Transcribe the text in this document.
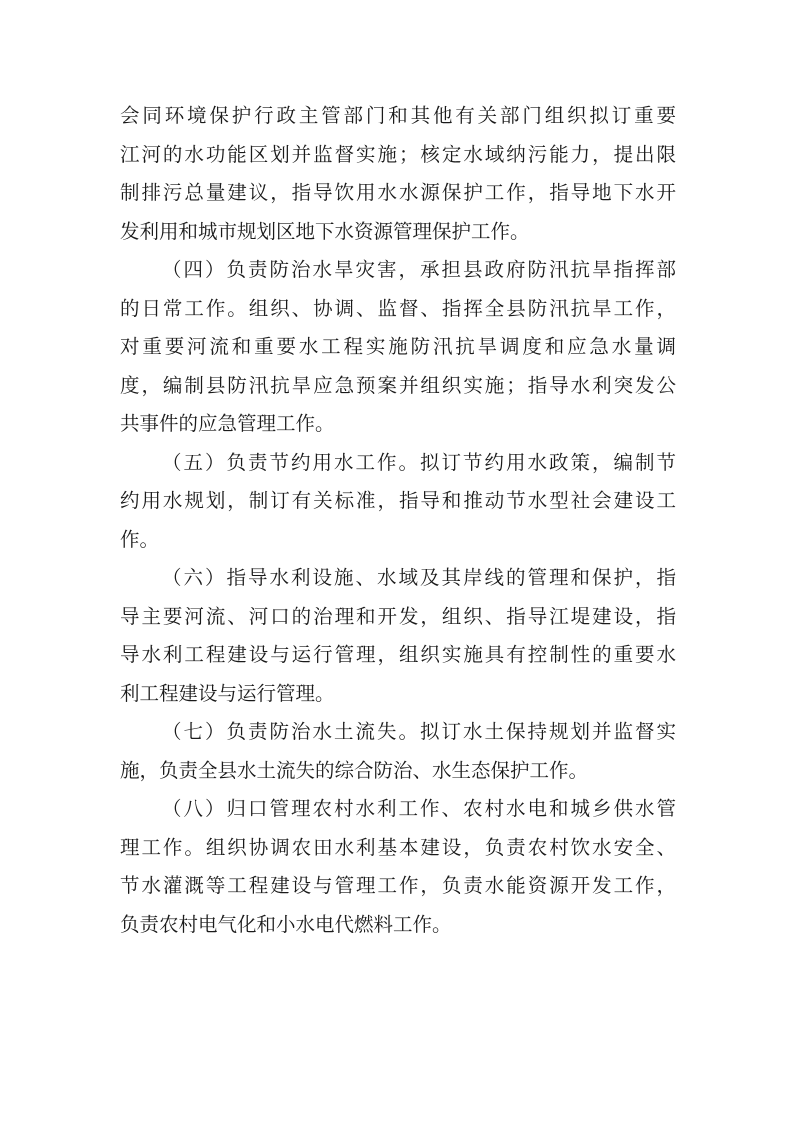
会同环境保护行政主管部门和其他有关部门组织拟订重要
江河的水功能区划并监督实施；核定水域纳污能力，提出限
制排污总量建议，指导饮用水水源保护工作，指导地下水开
发利用和城市规划区地下水资源管理保护工作。
（四）负责防治水旱灾害，承担县政府防汛抗旱指挥部
的日常工作。组织、协调、监督、指挥全县防汛抗旱工作，
对重要河流和重要水工程实施防汛抗旱调度和应急水量调
度，编制县防汛抗旱应急预案并组织实施；指导水利突发公
共事件的应急管理工作。
（五）负责节约用水工作。拟订节约用水政策，编制节
约用水规划，制订有关标准，指导和推动节水型社会建设工
作。
（六）指导水利设施、水域及其岸线的管理和保护，指
导主要河流、河口的治理和开发，组织、指导江堤建设，指
导水利工程建设与运行管理，组织实施具有控制性的重要水
利工程建设与运行管理。
（七）负责防治水土流失。拟订水土保持规划并监督实
施，负责全县水土流失的综合防治、水生态保护工作。
（八）归口管理农村水利工作、农村水电和城乡供水管
理工作。组织协调农田水利基本建设，负责农村饮水安全、
节水灌溉等工程建设与管理工作，负责水能资源开发工作，
负责农村电气化和小水电代燃料工作。
